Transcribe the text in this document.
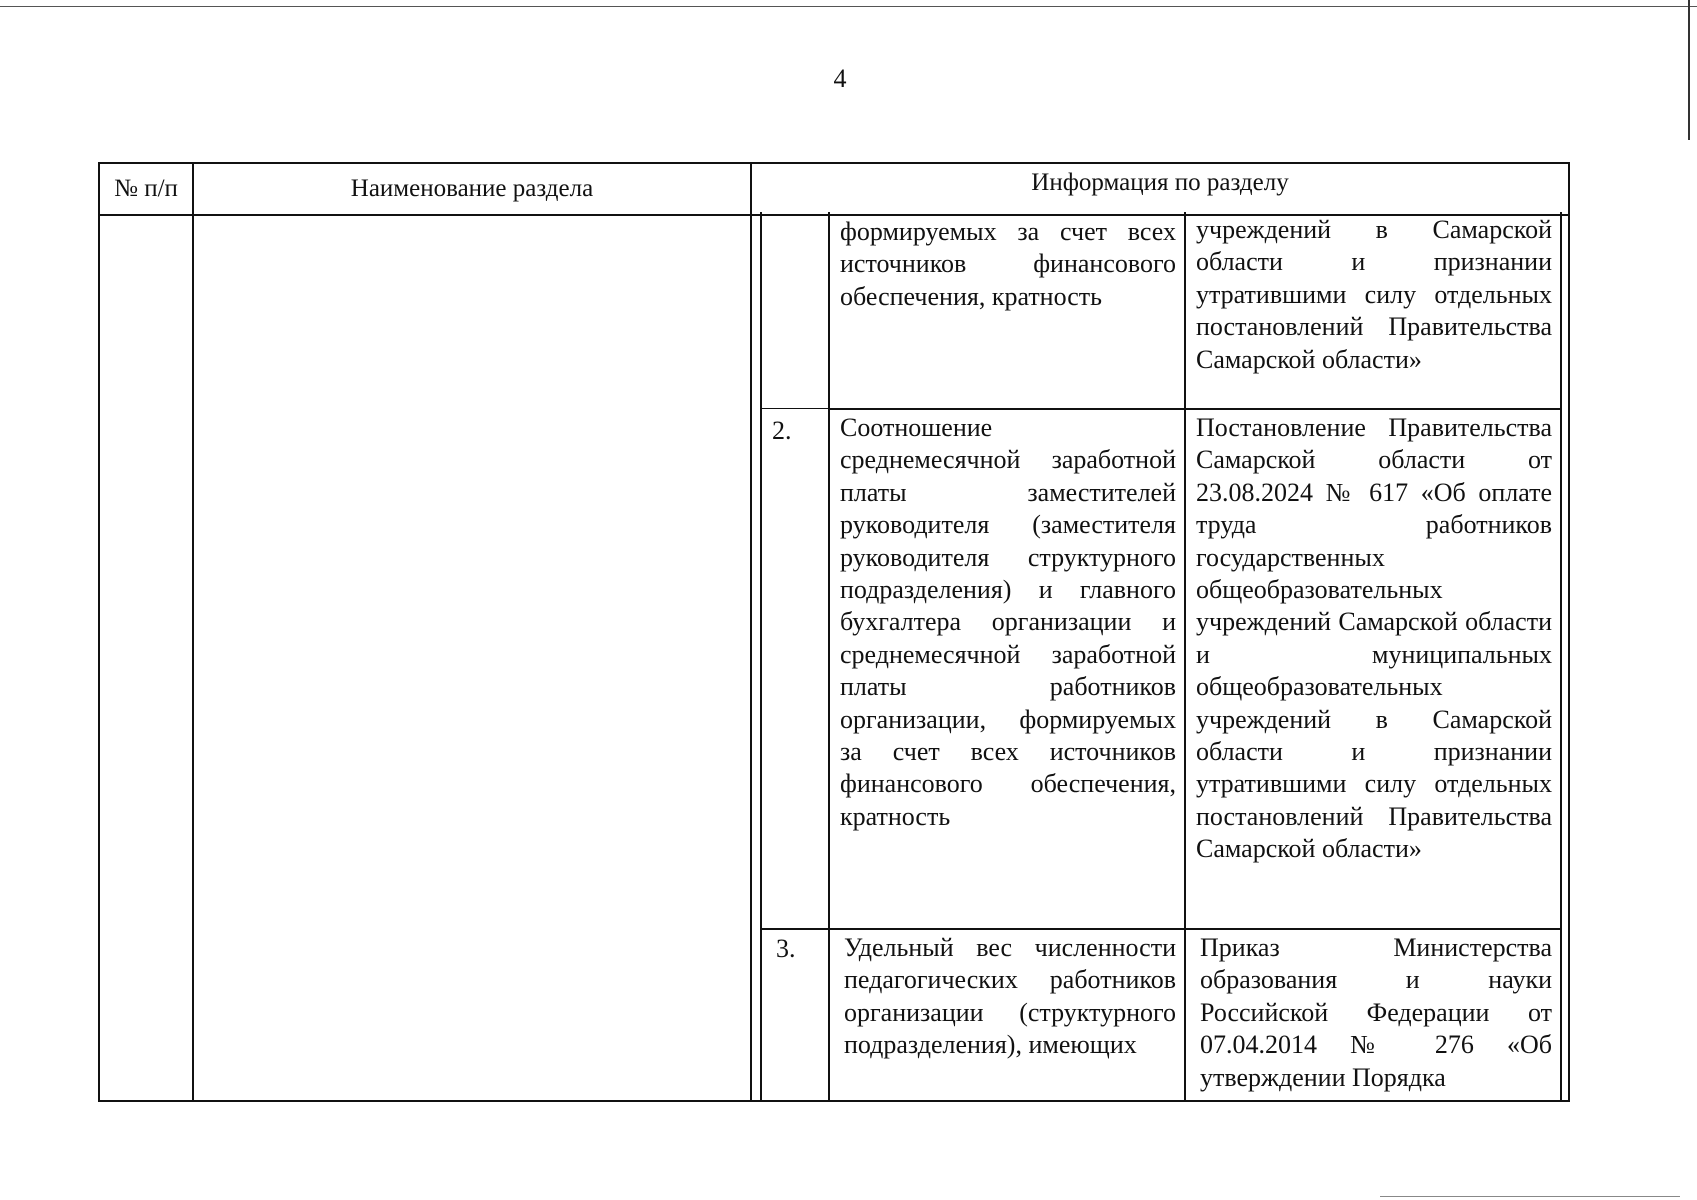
4
№ п/п	Наименование раздела	Информация по разделу
формируемых за счет всех источников финансового обеспечения, кратность
учреждений в Самарской области и признании утратившими силу отдельных постановлений Правительства Самарской области»
2. Соотношение среднемесячной заработной платы заместителей руководителя (заместителя руководителя структурного подразделения) и главного бухгалтера организации и среднемесячной заработной платы работников организации, формируемых за счет всех источников финансового обеспечения, кратность
Постановление Правительства Самарской области от 23.08.2024 № 617 «Об оплате труда работников государственных общеобразовательных учреждений Самарской области и муниципальных общеобразовательных учреждений в Самарской области и признании утратившими силу отдельных постановлений Правительства Самарской области»
3. Удельный вес численности педагогических работников организации (структурного подразделения), имеющих
Приказ Министерства образования и науки Российской Федерации от 07.04.2014 № 276 «Об утверждении Порядка
